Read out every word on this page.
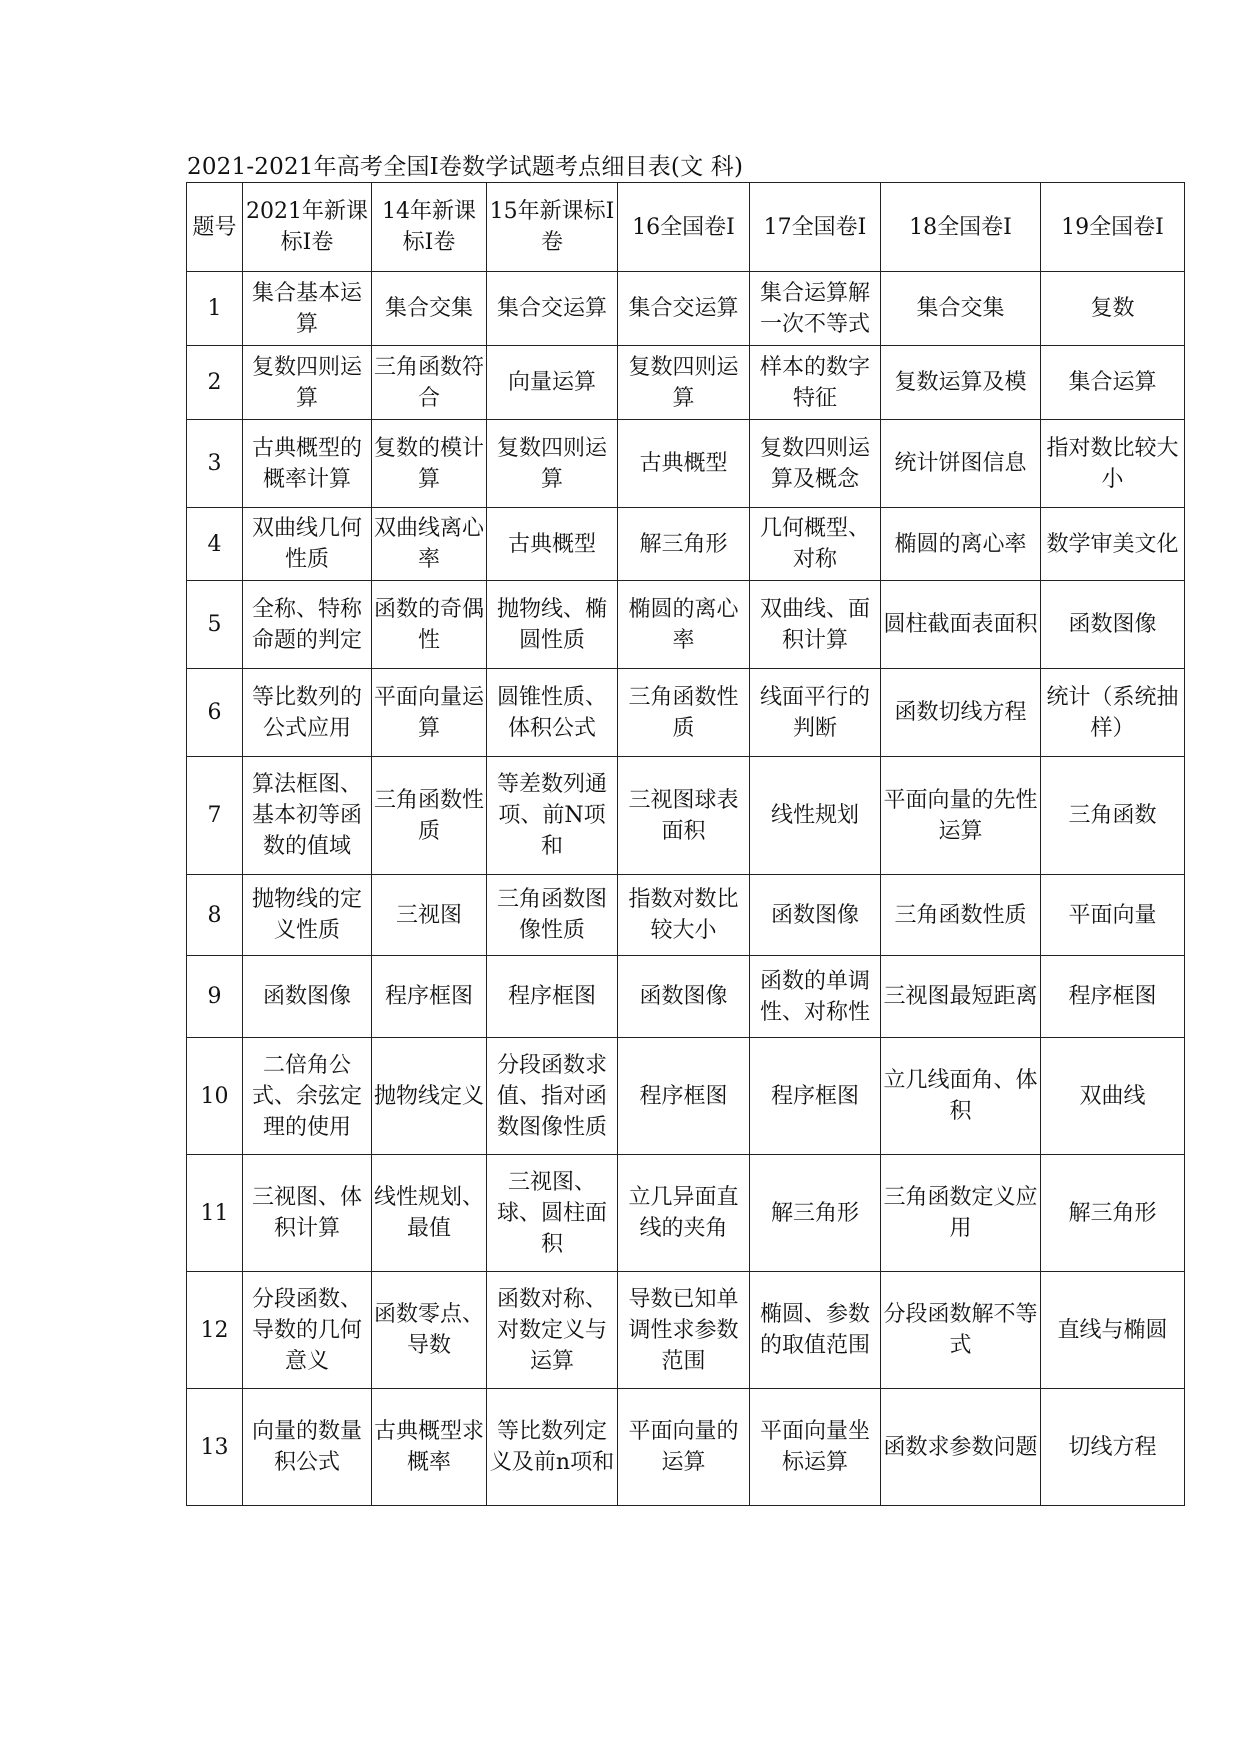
2021-2021年高考全国Ⅰ卷数学试题考点细目表(文 科)
题号	2021年新课标Ⅰ卷	14年新课标Ⅰ卷	15年新课标Ⅰ卷	16全国卷Ⅰ	17全国卷Ⅰ	18全国卷Ⅰ	19全国卷Ⅰ
1	集合基本运算	集合交集	集合交运算	集合交运算	集合运算解一次不等式	集合交集	复数
2	复数四则运算	三角函数符合	向量运算	复数四则运算	样本的数字特征	复数运算及模	集合运算
3	古典概型的概率计算	复数的模计算	复数四则运算	古典概型	复数四则运算及概念	统计饼图信息	指对数比较大小
4	双曲线几何性质	双曲线离心率	古典概型	解三角形	几何概型、对称	椭圆的离心率	数学审美文化
5	全称、特称命题的判定	函数的奇偶性	抛物线、椭圆性质	椭圆的离心率	双曲线、面积计算	圆柱截面表面积	函数图像
6	等比数列的公式应用	平面向量运算	圆锥性质、体积公式	三角函数性质	线面平行的判断	函数切线方程	统计（系统抽样）
7	算法框图、基本初等函数的值域	三角函数性质	等差数列通项、前N项和	三视图球表面积	线性规划	平面向量的先性运算	三角函数
8	抛物线的定义性质	三视图	三角函数图像性质	指数对数比较大小	函数图像	三角函数性质	平面向量
9	函数图像	程序框图	程序框图	函数图像	函数的单调性、对称性	三视图最短距离	程序框图
10	二倍角公式、余弦定理的使用	抛物线定义	分段函数求值、指对函数图像性质	程序框图	程序框图	立几线面角、体积	双曲线
11	三视图、体积计算	线性规划、最值	三视图、球、圆柱面积	立几异面直线的夹角	解三角形	三角函数定义应用	解三角形
12	分段函数、导数的几何意义	函数零点、导数	函数对称、对数定义与运算	导数已知单调性求参数范围	椭圆、参数的取值范围	分段函数解不等式	直线与椭圆
13	向量的数量积公式	古典概型求概率	等比数列定义及前n项和	平面向量的运算	平面向量坐标运算	函数求参数问题	切线方程
